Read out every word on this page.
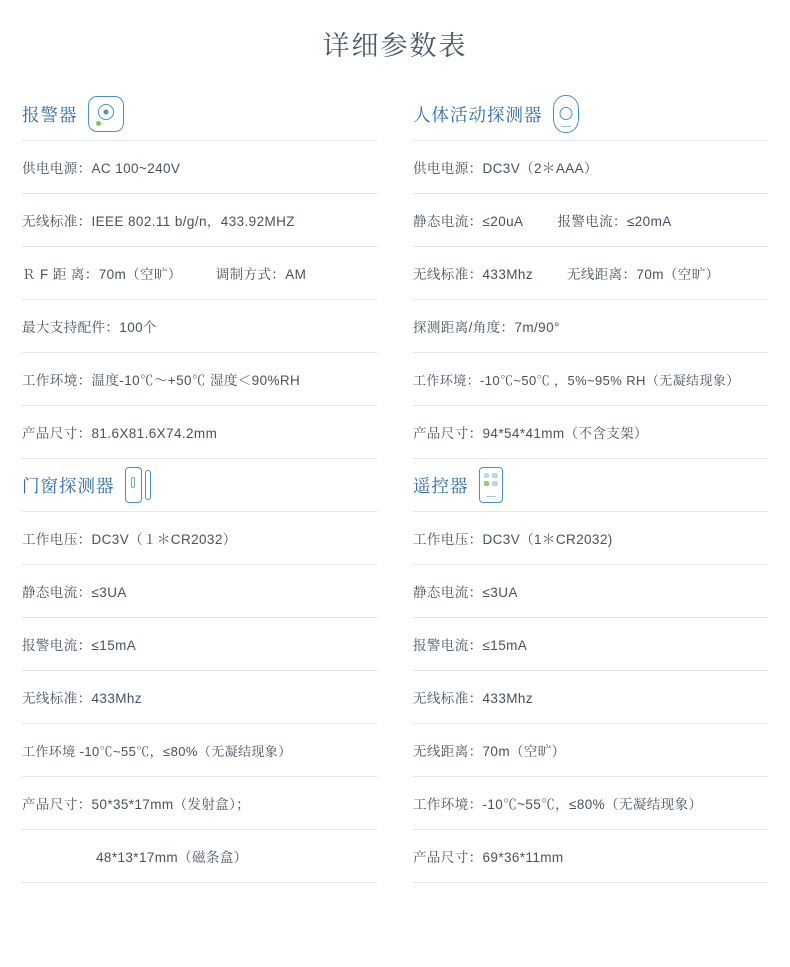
详细参数表
报警器
供电电源：AC 100~240V
无线标准：IEEE 802.11 b/g/n，433.92MHZ
Ｒ F 距 离：70m（空旷）	调制方式：AM
最大支持配件：100个
工作环境：温度-10℃～+50℃ 湿度＜90%RH
产品尺寸：81.6X81.6X74.2mm
人体活动探测器
供电电源：DC3V（2＊AAA）
静态电流：≤20uA	报警电流：≤20mA
无线标准：433Mhz	无线距离：70m（空旷）
探测距离/角度：7m/90°
工作环境：-10℃~50℃ ，5%~95% RH（无凝结现象）
产品尺寸：94*54*41mm（不含支架）
门窗探测器
工作电压：DC3V（１＊CR2032）
静态电流：≤3UA
报警电流：≤15mA
无线标准：433Mhz
工作环境 -10℃~55℃，≤80%（无凝结现象）
产品尺寸：50*35*17mm（发射盒）；
48*13*17mm（磁条盒）
遥控器
工作电压：DC3V（1＊CR2032)
静态电流：≤3UA
报警电流：≤15mA
无线标准：433Mhz
无线距离：70m（空旷）
工作环境：-10℃~55℃，≤80%（无凝结现象）
产品尺寸：69*36*11mm
